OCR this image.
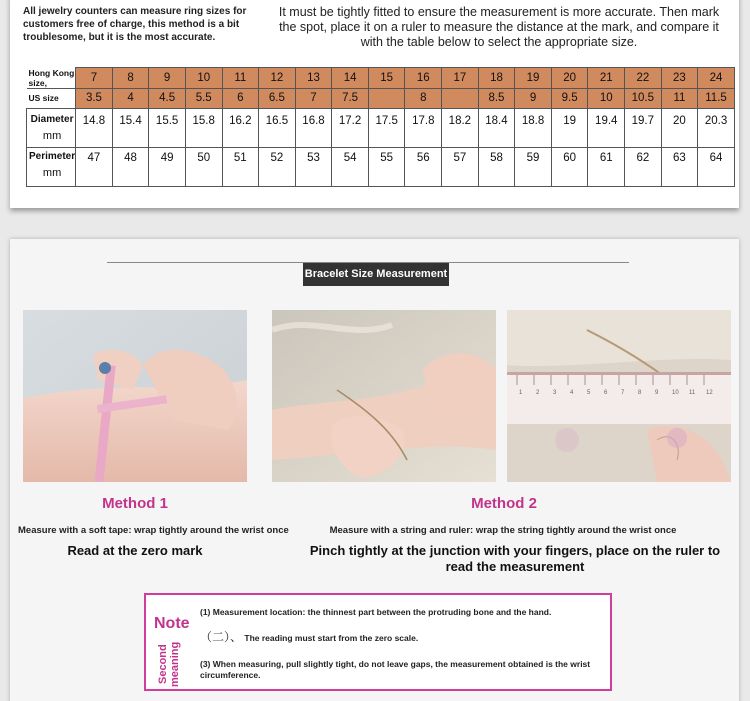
All jewelry counters can measure ring sizes for customers free of charge, this method is a bit troublesome, but it is the most accurate.
It must be tightly fitted to ensure the measurement is more accurate. Then mark the spot, place it on a ruler to measure the distance at the mark, and compare it with the table below to select the appropriate size.
Hong Kong size,	7	8	9	10	11	12	13	14	15	16	17	18	19	20	21	22	23	24
US size	3.5	4	4.5	5.5	6	6.5	7	7.5		8		8.5	9	9.5	10	10.5	11	11.5

Diameter
mm	14.8	15.4	15.5	15.8	16.2	16.5	16.8	17.2	17.5	17.8	18.2	18.4	18.8	19	19.4	19.7	20	20.3

Perimeter
mm	47	48	49	50	51	52	53	54	55	56	57	58	59	60	61	62	63	64
Bracelet Size Measurement
1 2 3 4 5 6 7 8 9 10 11 12
Method 1
Measure with a soft tape: wrap tightly around the wrist once
Read at the zero mark
Method 2
Measure with a string and ruler: wrap the string tightly around the wrist once
Pinch tightly at the junction with your fingers, place on the ruler to read the measurement
Note
Second meaning
(1) Measurement location: the thinnest part between the protruding bone and the hand.
（二）、 The reading must start from the zero scale.
(3) When measuring, pull slightly tight, do not leave gaps, the measurement obtained is the wrist circumference.
